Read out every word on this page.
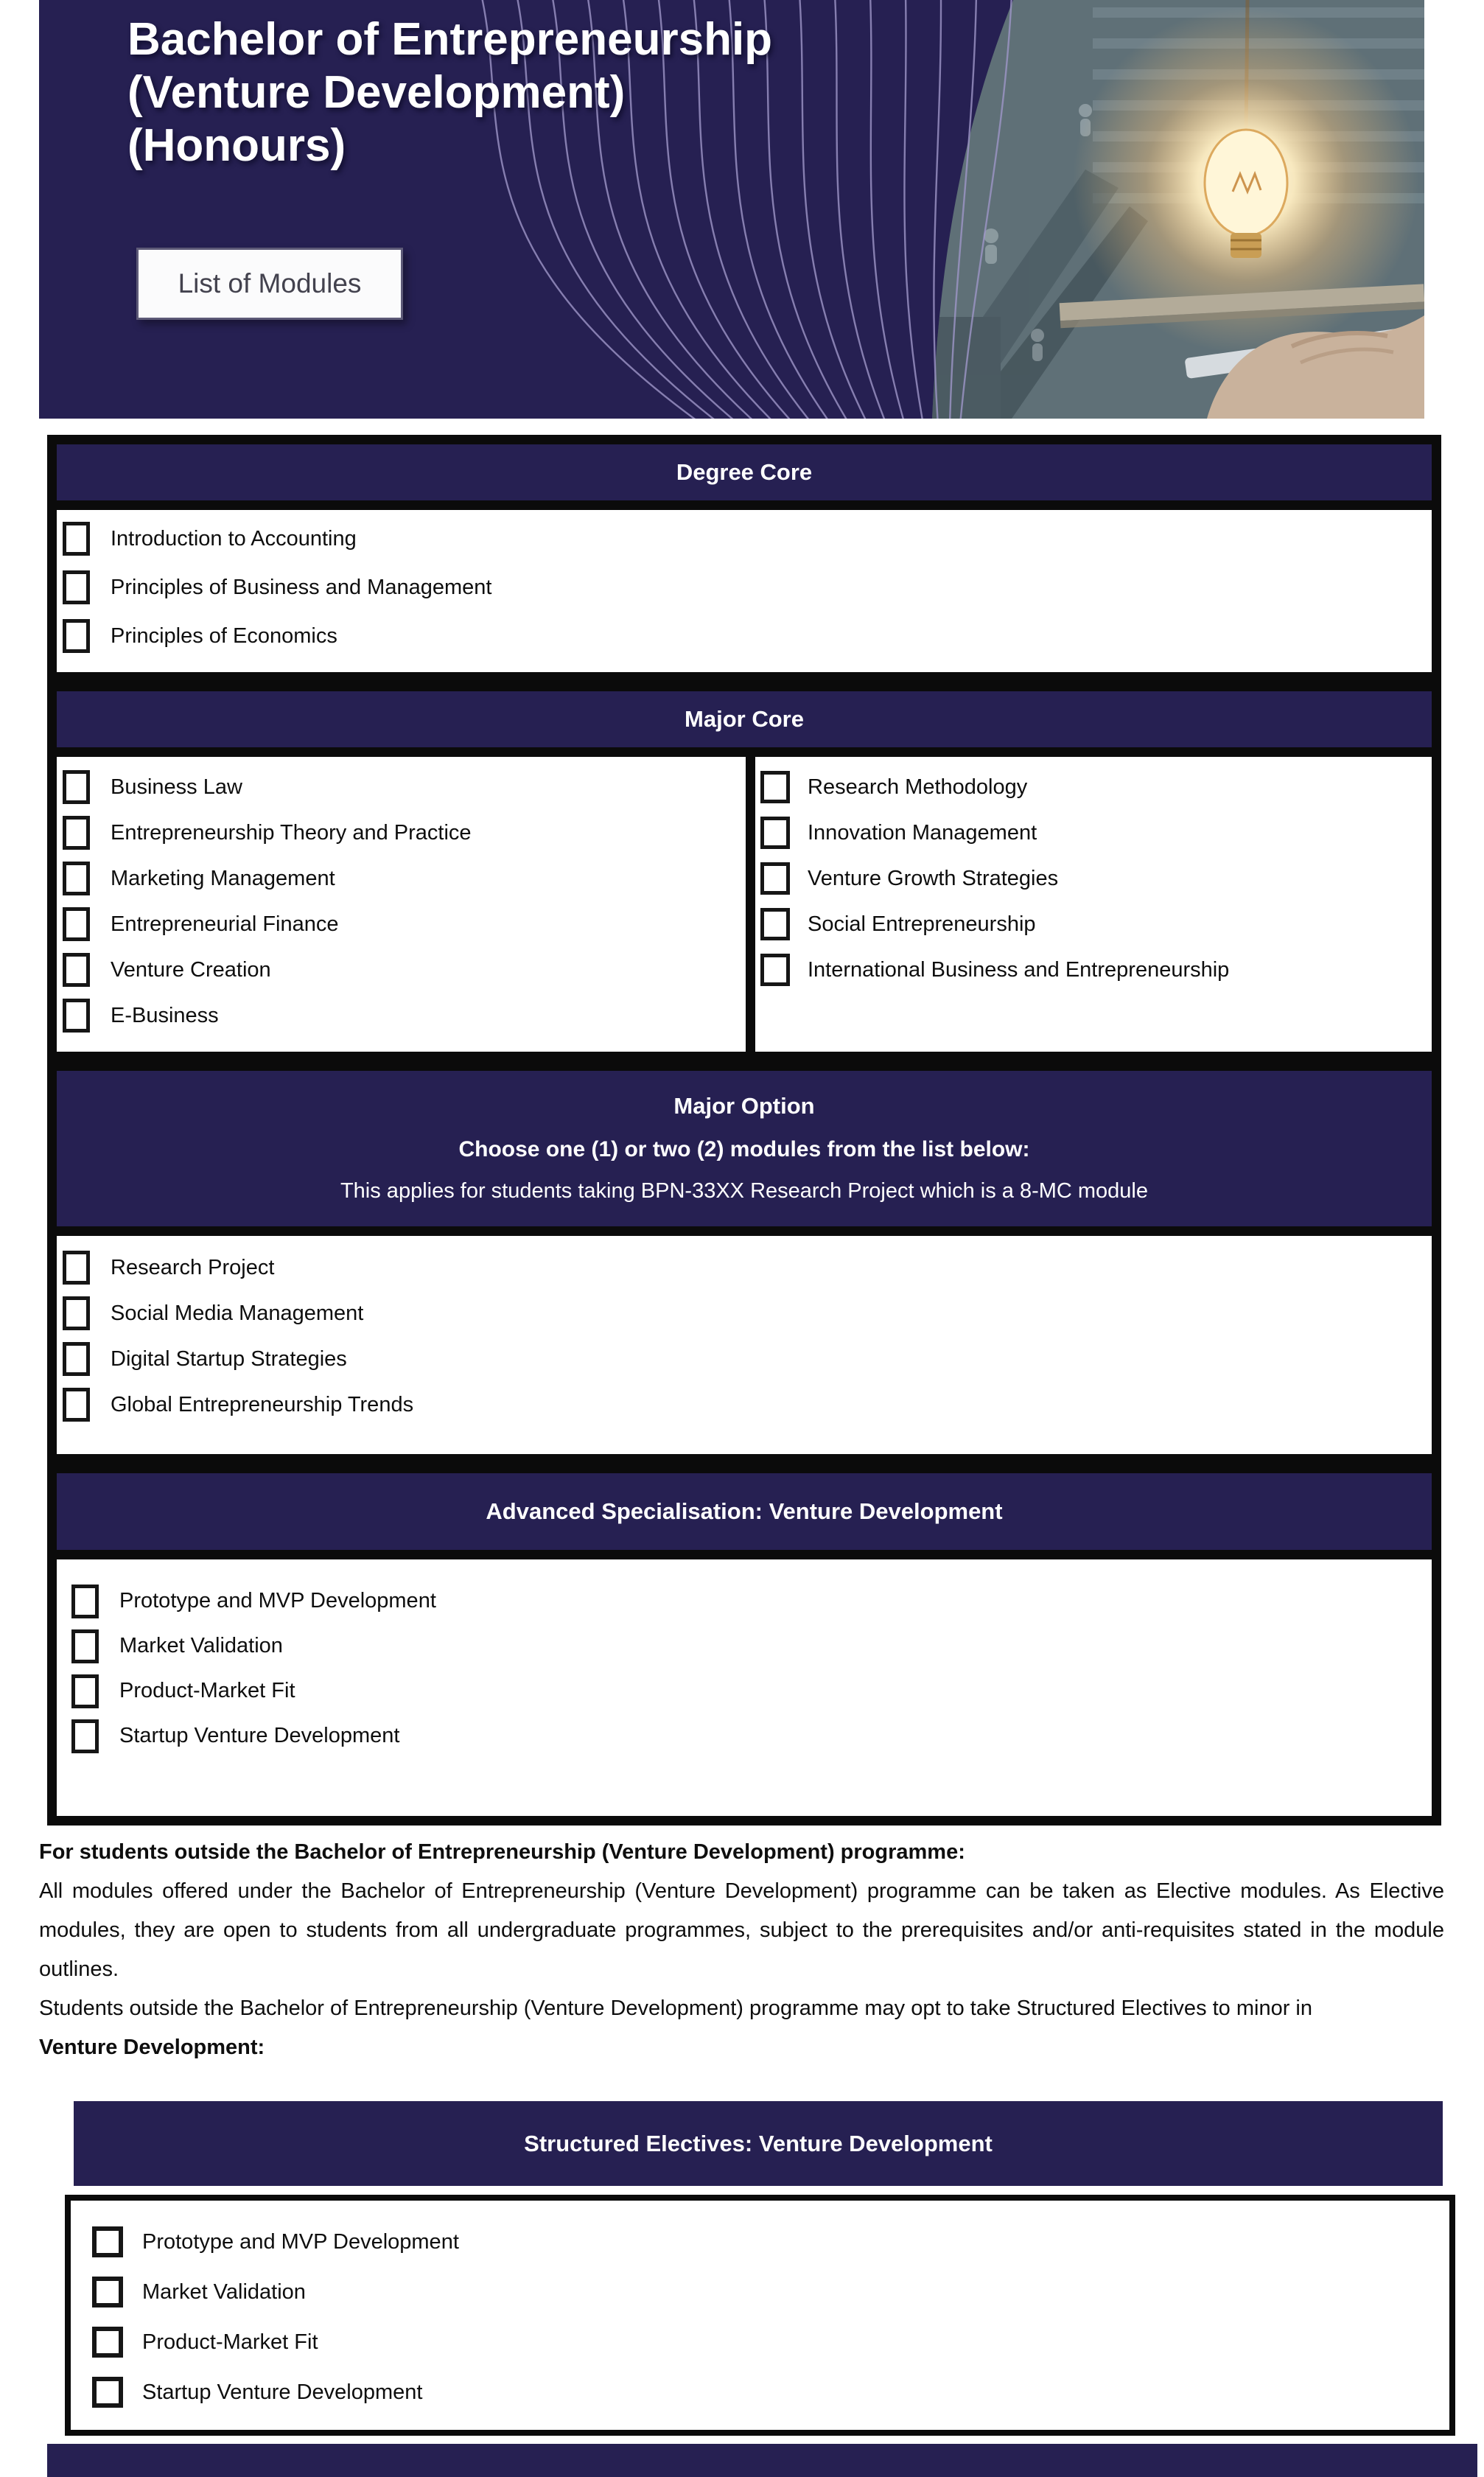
Bachelor of Entrepreneurship
(Venture Development)
(Honours)
List of Modules
Degree Core
Introduction to Accounting
Principles of Business and Management
Principles of Economics
Major Core
Business Law
Entrepreneurship Theory and Practice
Marketing Management
Entrepreneurial Finance
Venture Creation
E-Business
Research Methodology
Innovation Management
Venture Growth Strategies
Social Entrepreneurship
International Business and Entrepreneurship
Major Option
Choose one (1) or two (2) modules from the list below:
This applies for students taking BPN-33XX Research Project which is a 8-MC module
Research Project
Social Media Management
Digital Startup Strategies
Global Entrepreneurship Trends
Advanced Specialisation: Venture Development
Prototype and MVP Development
Market Validation
Product-Market Fit
Startup Venture Development

For students outside the Bachelor of Entrepreneurship (Venture Development) programme:

All modules offered under the Bachelor of Entrepreneurship (Venture Development) programme can be taken as Elective modules. As Elective modules, they are open to students from all undergraduate programmes, subject to the prerequisites and/or anti-requisites stated in the module outlines.

Students outside the Bachelor of Entrepreneurship (Venture Development) programme may opt to take Structured Electives to minor in

Venture Development:

Structured Electives: Venture Development
Prototype and MVP Development
Market Validation
Product-Market Fit
Startup Venture Development
